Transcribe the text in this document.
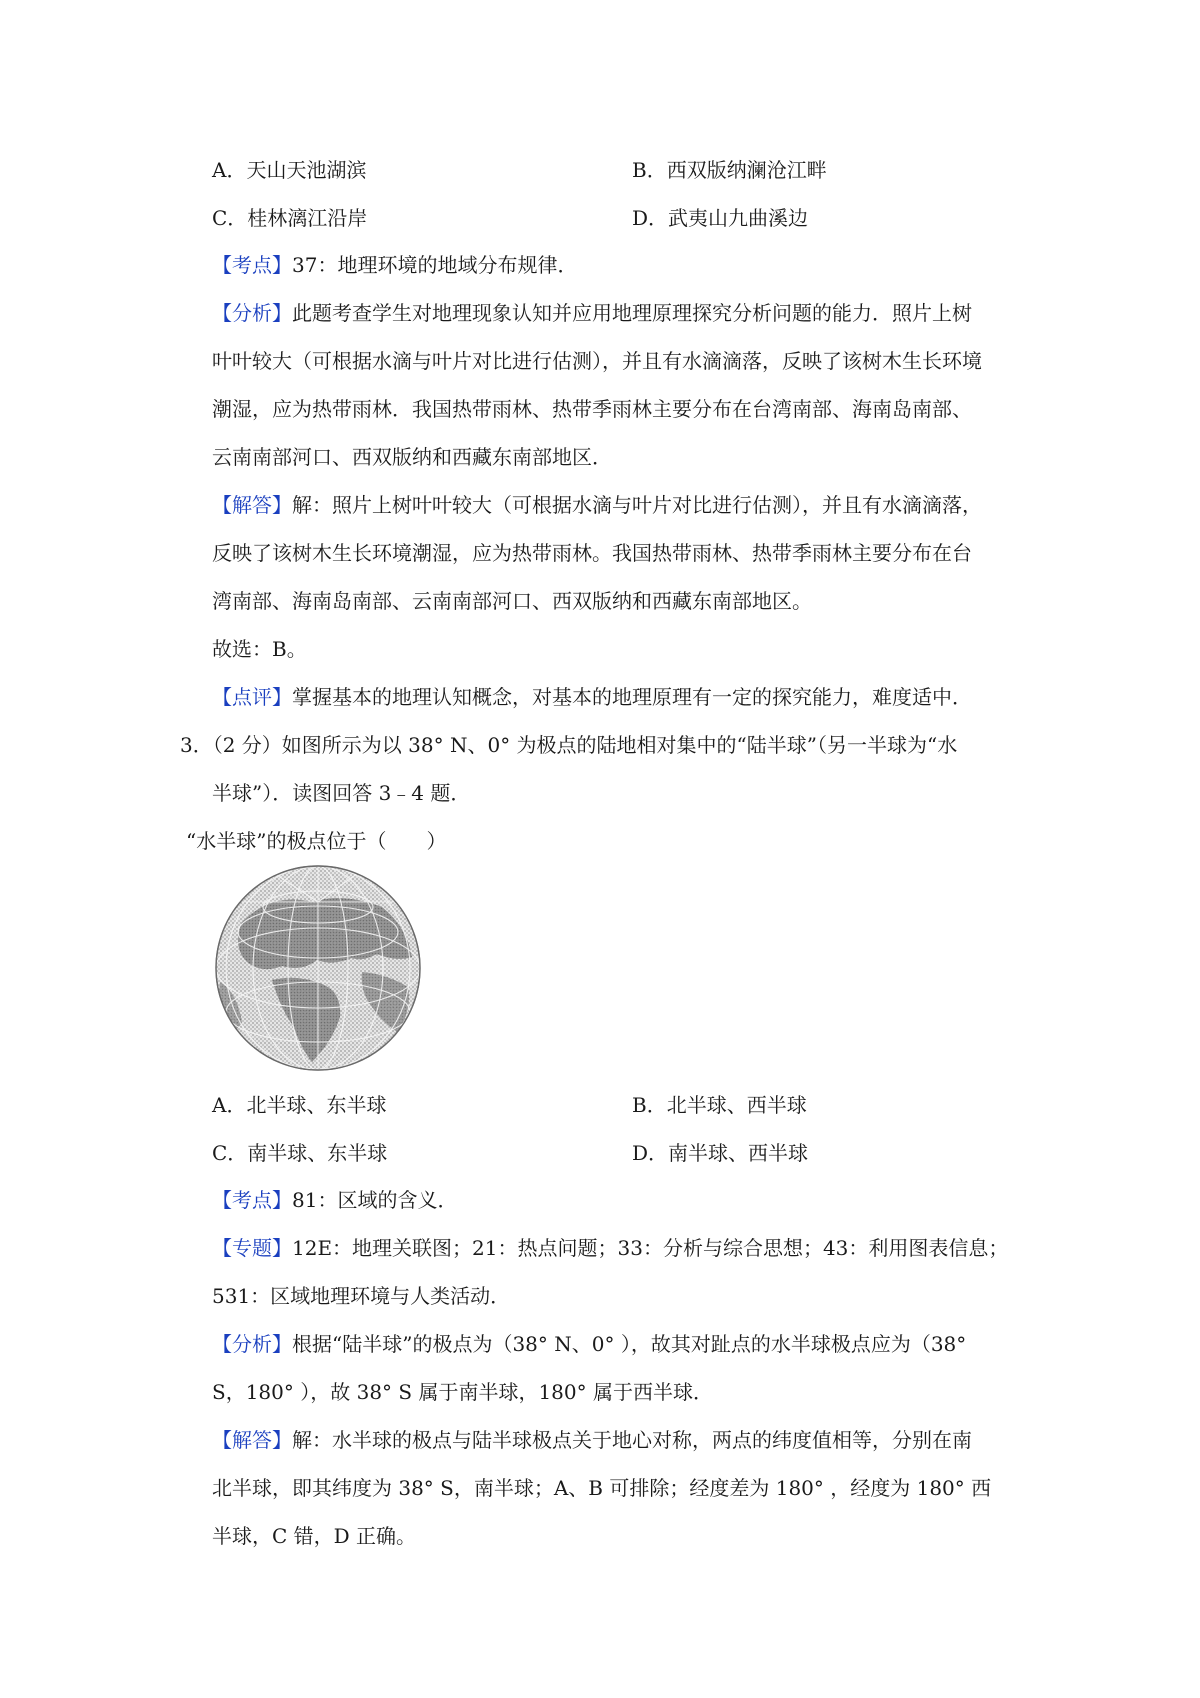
A．天山天池湖滨	B．西双版纳澜沧江畔
C．桂林漓江沿岸	D．武夷山九曲溪边
【考点】37：地理环境的地域分布规律．
【分析】此题考查学生对地理现象认知并应用地理原理探究分析问题的能力．照片上树
叶叶较大（可根据水滴与叶片对比进行估测），并且有水滴滴落，反映了该树木生长环境
潮湿，应为热带雨林．我国热带雨林、热带季雨林主要分布在台湾南部、海南岛南部、
云南南部河口、西双版纳和西藏东南部地区．
【解答】解：照片上树叶叶较大（可根据水滴与叶片对比进行估测），并且有水滴滴落，
反映了该树木生长环境潮湿，应为热带雨林。我国热带雨林、热带季雨林主要分布在台
湾南部、海南岛南部、云南南部河口、西双版纳和西藏东南部地区。
故选：B。
【点评】掌握基本的地理认知概念，对基本的地理原理有一定的探究能力，难度适中．
3．（2 分）如图所示为以 38° N、0° 为极点的陆地相对集中的“陆半球”（另一半球为“水
半球”）．读图回答 3﹣4 题．
“水半球”的极点位于（　　）
A．北半球、东半球	B．北半球、西半球
C．南半球、东半球	D．南半球、西半球
【考点】81：区域的含义．
【专题】12E：地理关联图；21：热点问题；33：分析与综合思想；43：利用图表信息；
531：区域地理环境与人类活动．
【分析】根据“陆半球”的极点为（38° N、0° ），故其对趾点的水半球极点应为（38°
S，180° ），故 38° S 属于南半球，180° 属于西半球．
【解答】解：水半球的极点与陆半球极点关于地心对称，两点的纬度值相等，分别在南
北半球，即其纬度为 38° S，南半球；A、B 可排除；经度差为 180° ，经度为 180° 西
半球，C 错，D 正确。
